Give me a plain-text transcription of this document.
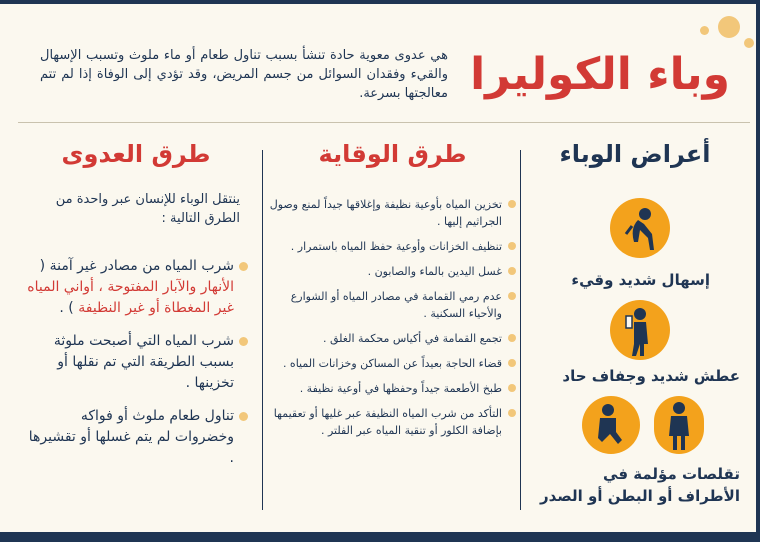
وباء الكوليرا
هي عدوى معوية حادة تنشأ بسبب تناول طعام أو ماء ملوث وتسبب الإسهال والقيء وفقدان السوائل من جسم المريض، وقد تؤدي إلى الوفاة إذا لم تتم معالجتها بسرعة.
أعراض الوباء
إسهال شديد وقيء
عطش شديد وجفاف حاد
تقلصات مؤلمة في
الأطراف أو البطن أو الصدر
طرق الوقاية
تخزين المياه بأوعية نظيفة وإغلاقها جيداً لمنع وصول الجراثيم إليها .
تنظيف الخزانات وأوعية حفظ المياه باستمرار .
غسل اليدين بالماء والصابون .
عدم رمي القمامة في مصادر المياه أو الشوارع والأحياء السكنية .
تجمع القمامة في أكياس محكمة الغلق .
قضاء الحاجة بعيداً عن المساكن وخزانات المياه .
طبخ الأطعمة جيداً وحفظها في أوعية نظيفة .
التأكد من شرب المياه النظيفة عبر غليها أو تعقيمها بإضافة الكلور أو تنقية المياه عبر الفلتر .
طرق العدوى
ينتقل الوباء للإنسان عبر واحدة من الطرق التالية :
شرب المياه من مصادر غير آمنة ( الأنهار والآبار المفتوحة ، أواني المياه غير المغطاة أو غير النظيفة ) .
شرب المياه التي أصبحت ملوثة بسبب الطريقة التي تم نقلها أو تخزينها .
تناول طعام ملوث أو فواكه وخضروات لم يتم غسلها أو تقشيرها .
